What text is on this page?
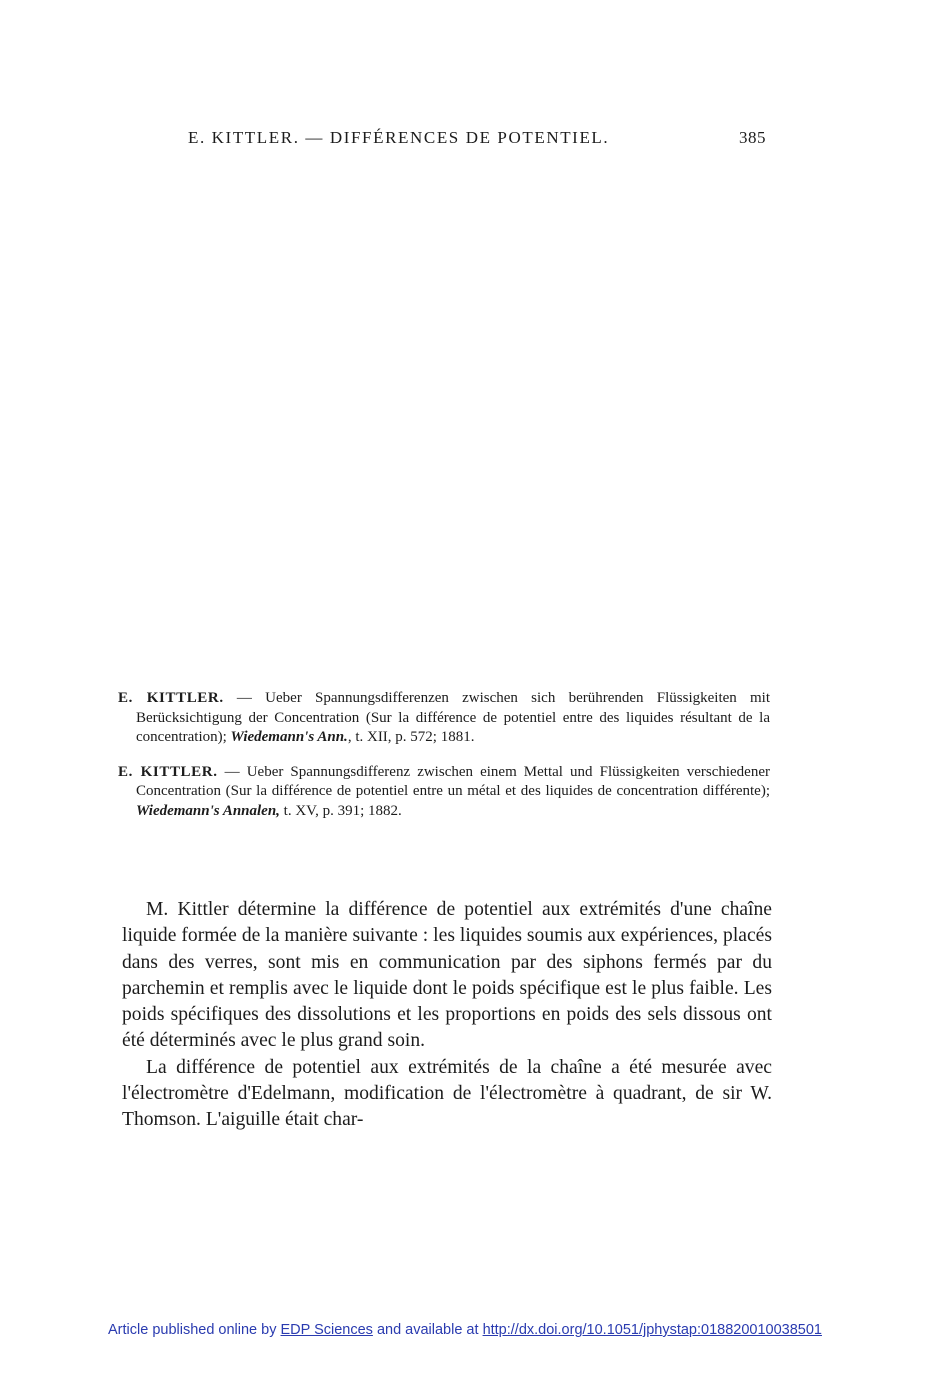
E. KITTLER. — DIFFÉRENCES DE POTENTIEL.	385

E. KITTLER. — Ueber Spannungsdifferenzen zwischen sich berührenden Flüssigkeiten mit Berücksichtigung der Concentration (Sur la différence de potentiel entre des liquides résultant de la concentration); Wiedemann's Ann., t. XII, p. 572; 1881.

E. KITTLER. — Ueber Spannungsdifferenz zwischen einem Mettal und Flüssigkeiten verschiedener Concentration (Sur la différence de potentiel entre un métal et des liquides de concentration différente); Wiedemann's Annalen, t. XV, p. 391; 1882.

M. Kittler détermine la différence de potentiel aux extrémités d'une chaîne liquide formée de la manière suivante : les liquides soumis aux expériences, placés dans des verres, sont mis en communication par des siphons fermés par du parchemin et remplis avec le liquide dont le poids spécifique est le plus faible. Les poids spécifiques des dissolutions et les proportions en poids des sels dissous ont été déterminés avec le plus grand soin.

La différence de potentiel aux extrémités de la chaîne a été mesurée avec l'électromètre d'Edelmann, modification de l'électromètre à quadrant, de sir W. Thomson. L'aiguille était char-

Article published online by EDP Sciences and available at http://dx.doi.org/10.1051/jphystap:018820010038501
